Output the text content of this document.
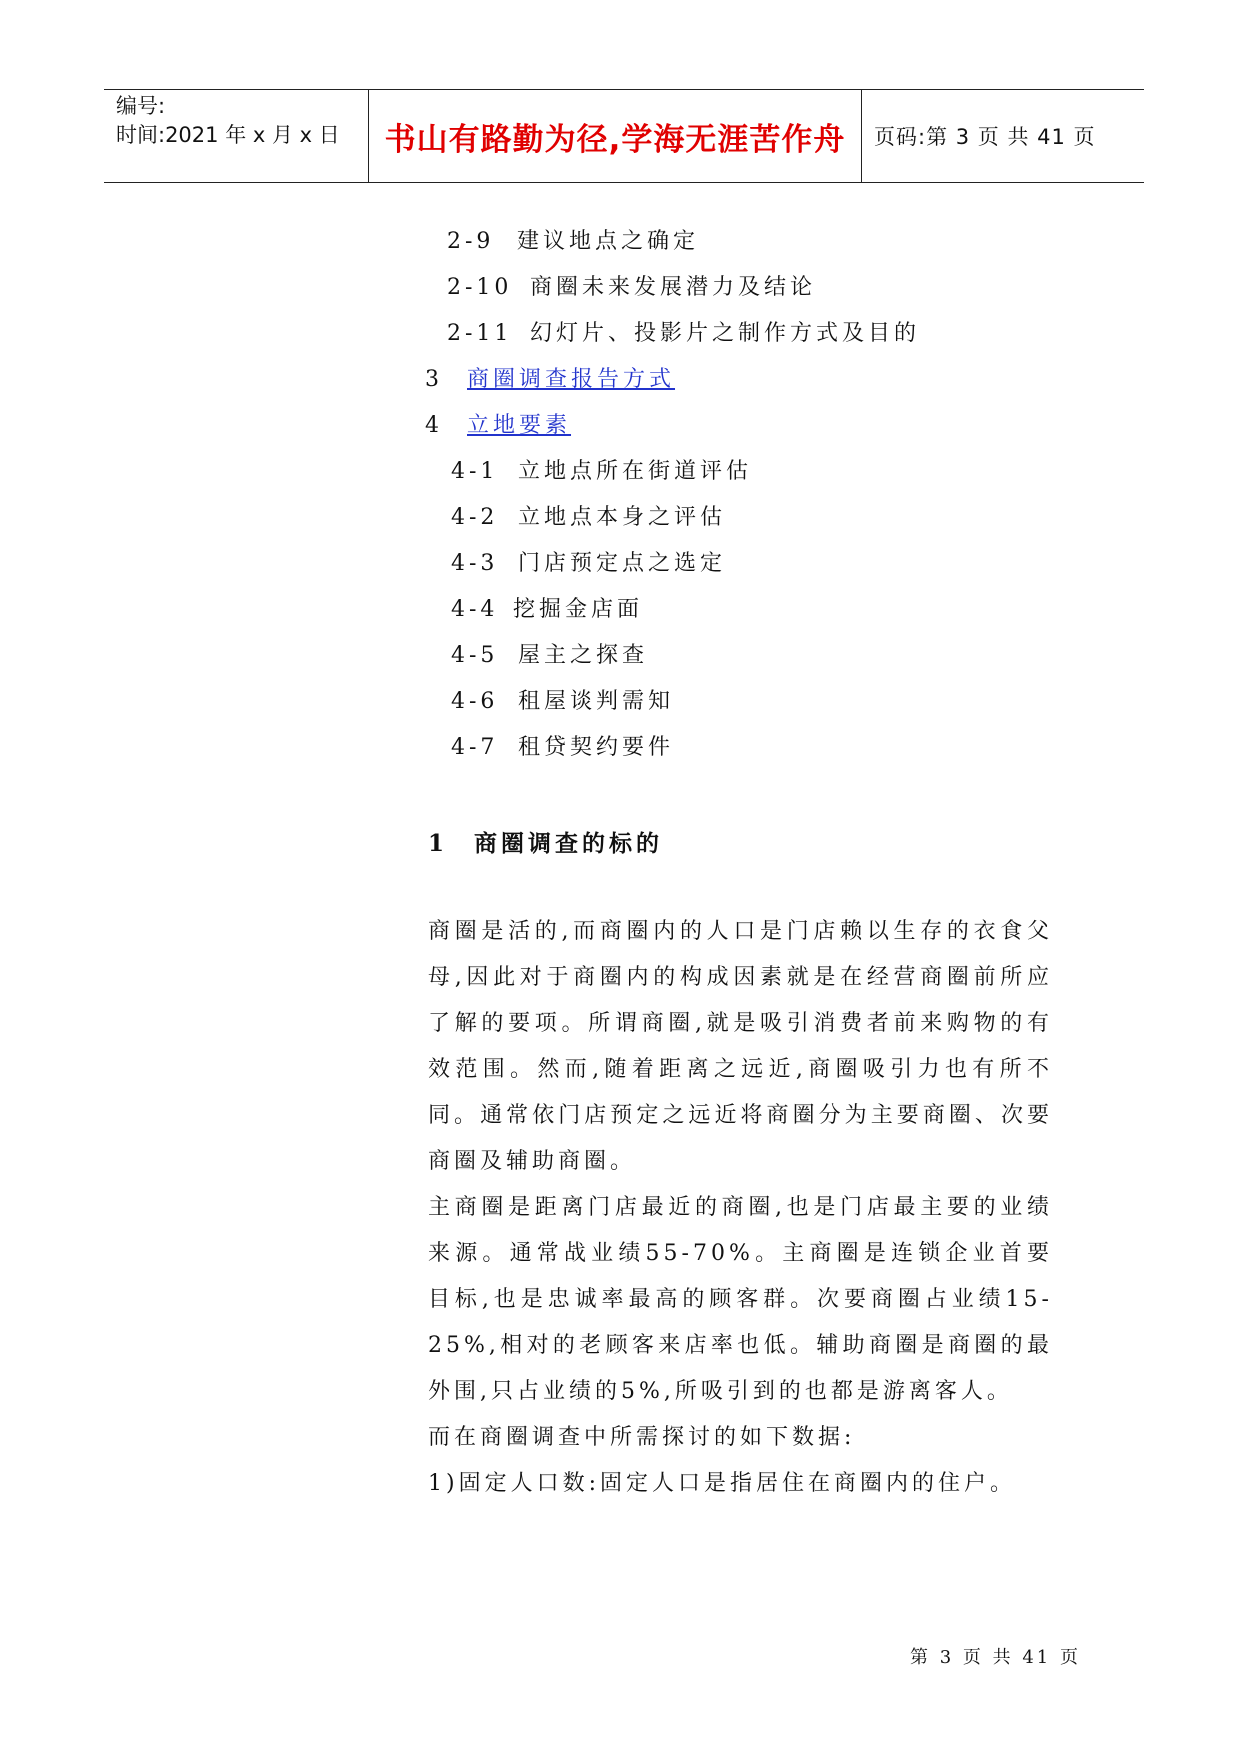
编号:
时间:2021 年 x 月 x 日	书山有路勤为径,学海无涯苦作舟	页码:第 3 页 共 41 页
2-9 建议地点之确定
2-10 商圈未来发展潜力及结论
2-11 幻灯片、投影片之制作方式及目的
3 商圈调查报告方式
4 立地要素
4-1 立地点所在街道评估
4-2 立地点本身之评估
4-3 门店预定点之选定
4-4 挖掘金店面
4-5 屋主之探查
4-6 租屋谈判需知
4-7 租贷契约要件
1 商圈调查的标的
商圈是活的,而商圈内的人口是门店赖以生存的衣食父母,因此对于商圈内的构成因素就是在经营商圈前所应了解的要项。所谓商圈,就是吸引消费者前来购物的有效范围。然而,随着距离之远近,商圈吸引力也有所不同。通常依门店预定之远近将商圈分为主要商圈、次要商圈及辅助商圈。
主商圈是距离门店最近的商圈,也是门店最主要的业绩来源。通常战业绩55-70%。主商圈是连锁企业首要目标,也是忠诚率最高的顾客群。次要商圈占业绩15-25%,相对的老顾客来店率也低。辅助商圈是商圈的最外围,只占业绩的5%,所吸引到的也都是游离客人。
而在商圈调查中所需探讨的如下数据:
1)固定人口数:固定人口是指居住在商圈内的住户。
第 3 页 共 41 页
